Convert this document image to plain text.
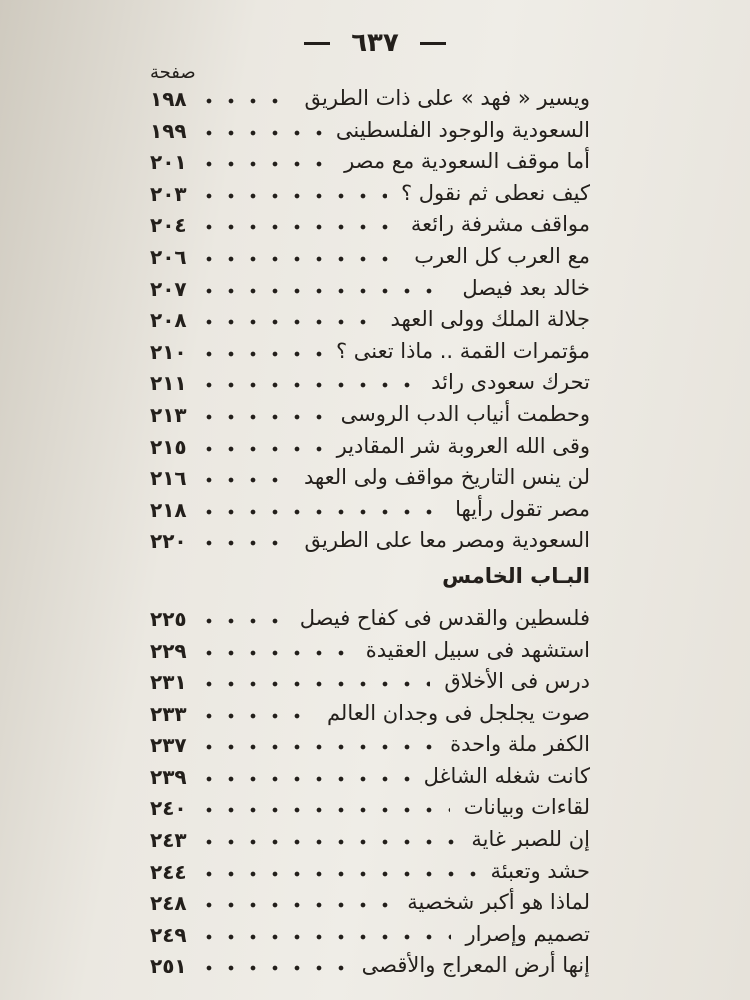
٦٣٧
صفحة
ويسير « فهد » على ذات الطريق
١٩٨
السعودية والوجود الفلسطينى
١٩٩
أما موقف السعودية مع مصر
٢٠١
كيف نعطى ثم نقول ؟
٢٠٣
مواقف مشرفة رائعة
٢٠٤
مع العرب كل العرب
٢٠٦
خالد بعد فيصل
٢٠٧
جلالة الملك وولى العهد
٢٠٨
مؤتمرات القمة .. ماذا تعنى ؟
٢١٠
تحرك سعودى رائد
٢١١
وحطمت أنياب الدب الروسى
٢١٣
وقى الله العروبة شر المقادير
٢١٥
لن ينس التاريخ مواقف ولى العهد
٢١٦
مصر تقول رأيها
٢١٨
السعودية ومصر معا على الطريق
٢٢٠
البـاب الخامس
فلسطين والقدس فى كفاح فيصل
٢٢٥
استشهد فى سبيل العقيدة
٢٢٩
درس فى الأخلاق
٢٣١
صوت يجلجل فى وجدان العالم
٢٣٣
الكفر ملة واحدة
٢٣٧
كانت شغله الشاغل
٢٣٩
لقاءات وبيانات
٢٤٠
إن للصبر غاية
٢٤٣
حشد وتعبئة
٢٤٤
لماذا هو أكبر شخصية
٢٤٨
تصميم وإصرار
٢٤٩
إنها أرض المعراج والأقصى
٢٥١
